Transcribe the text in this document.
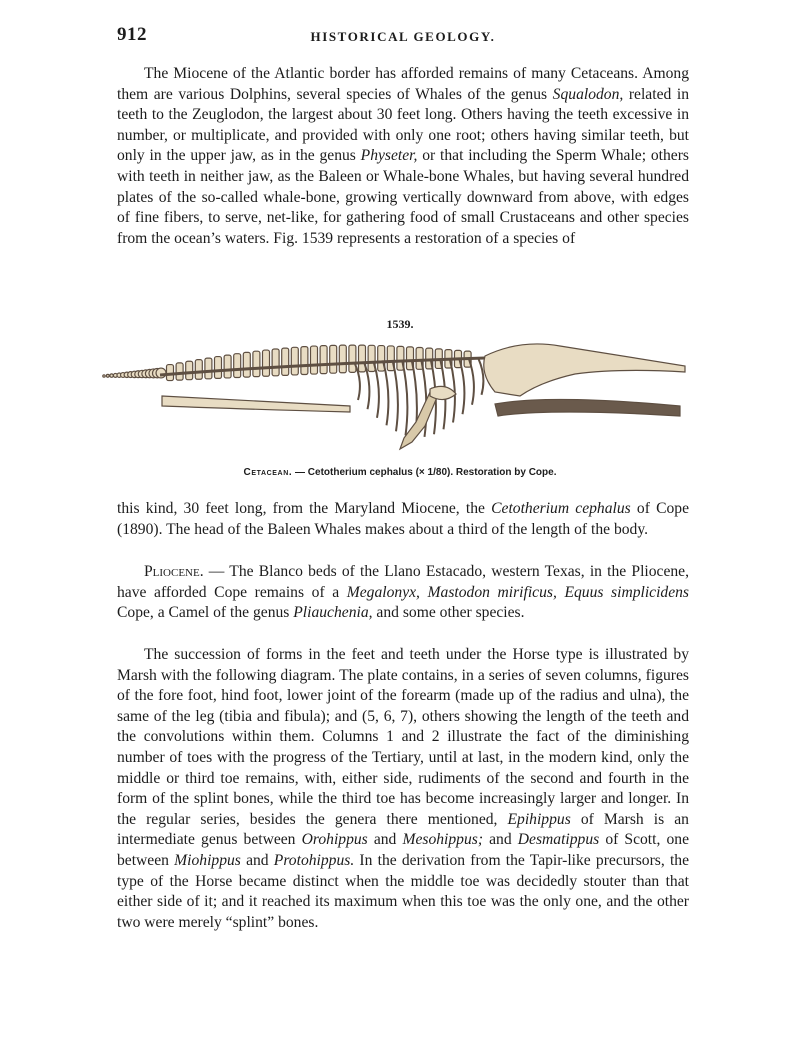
912	HISTORICAL GEOLOGY.

The Miocene of the Atlantic border has afforded remains of many Cetaceans. Among them are various Dolphins, several species of Whales of the genus Squalodon, related in teeth to the Zeuglodon, the largest about 30 feet long. Others having the teeth excessive in number, or multiplicate, and provided with only one root; others having similar teeth, but only in the upper jaw, as in the genus Physeter, or that including the Sperm Whale; others with teeth in neither jaw, as the Baleen or Whale-bone Whales, but having several hundred plates of the so-called whale-bone, growing vertically downward from above, with edges of fine fibers, to serve, net-like, for gathering food of small Crustaceans and other species from the ocean’s waters. Fig. 1539 represents a restoration of a species of

1539.
Cetacean. — Cetotherium cephalus (× 1/80). Restoration by Cope.

this kind, 30 feet long, from the Maryland Miocene, the Cetotherium cephalus of Cope (1890). The head of the Baleen Whales makes about a third of the length of the body.

Pliocene. — The Blanco beds of the Llano Estacado, western Texas, in the Pliocene, have afforded Cope remains of a Megalonyx, Mastodon mirificus, Equus simplicidens Cope, a Camel of the genus Pliauchenia, and some other species.

The succession of forms in the feet and teeth under the Horse type is illustrated by Marsh with the following diagram. The plate contains, in a series of seven columns, figures of the fore foot, hind foot, lower joint of the forearm (made up of the radius and ulna), the same of the leg (tibia and fibula); and (5, 6, 7), others showing the length of the teeth and the convolutions within them. Columns 1 and 2 illustrate the fact of the diminishing number of toes with the progress of the Tertiary, until at last, in the modern kind, only the middle or third toe remains, with, either side, rudiments of the second and fourth in the form of the splint bones, while the third toe has become increasingly larger and longer. In the regular series, besides the genera there mentioned, Epihippus of Marsh is an intermediate genus between Orohippus and Mesohippus; and Desmatippus of Scott, one between Miohippus and Protohippus. In the derivation from the Tapir-like precursors, the type of the Horse became distinct when the middle toe was decidedly stouter than that either side of it; and it reached its maximum when this toe was the only one, and the other two were merely “splint” bones.
